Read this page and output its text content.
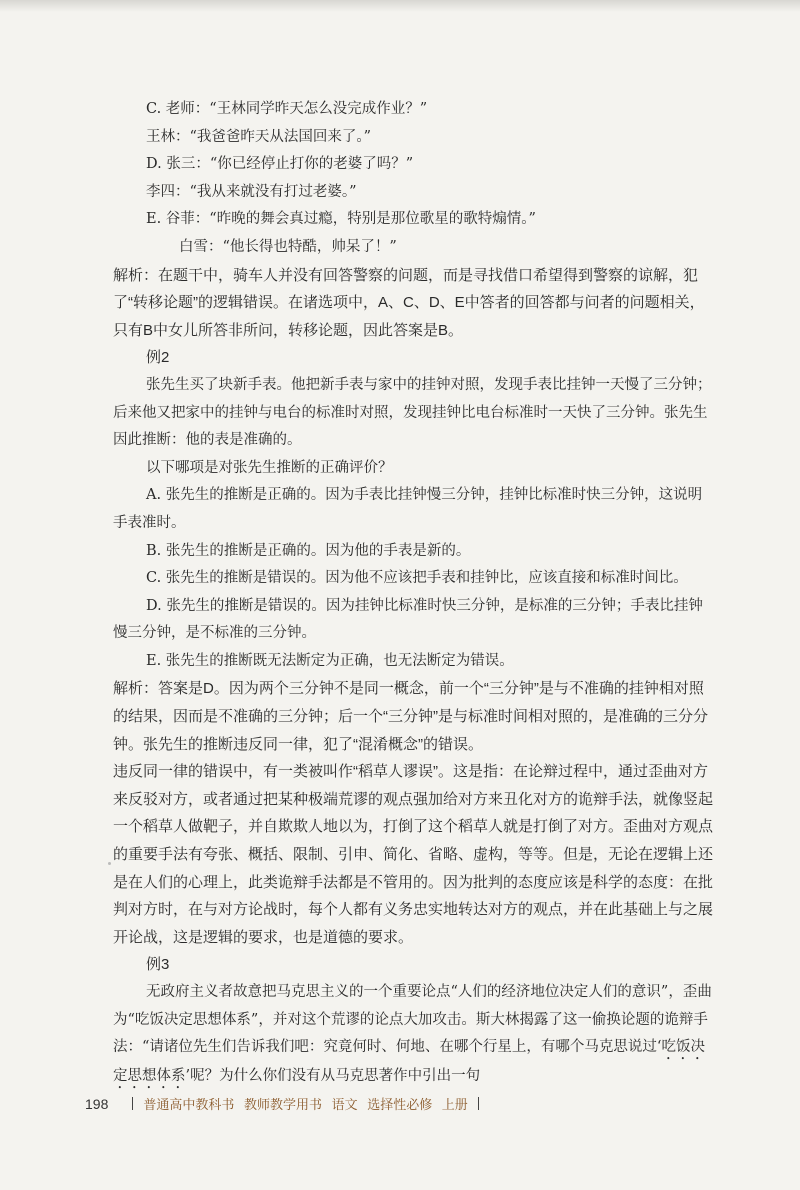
C. 老师：“王林同学昨天怎么没完成作业？”

王林：“我爸爸昨天从法国回来了。”

D. 张三：“你已经停止打你的老婆了吗？”

李四：“我从来就没有打过老婆。”

E. 谷菲：“昨晚的舞会真过瘾，特别是那位歌星的歌特煽情。”

白雪：“他长得也特酷，帅呆了！”

解析：在题干中，骑车人并没有回答警察的问题，而是寻找借口希望得到警察的谅解，犯了“转移论题”的逻辑错误。在诸选项中，A、C、D、E中答者的回答都与问者的问题相关，只有B中女儿所答非所问，转移论题，因此答案是B。

例2

张先生买了块新手表。他把新手表与家中的挂钟对照，发现手表比挂钟一天慢了三分钟；后来他又把家中的挂钟与电台的标准时对照，发现挂钟比电台标准时一天快了三分钟。张先生因此推断：他的表是准确的。

以下哪项是对张先生推断的正确评价？

A. 张先生的推断是正确的。因为手表比挂钟慢三分钟，挂钟比标准时快三分钟，这说明手表准时。

B. 张先生的推断是正确的。因为他的手表是新的。

C. 张先生的推断是错误的。因为他不应该把手表和挂钟比，应该直接和标准时间比。

D. 张先生的推断是错误的。因为挂钟比标准时快三分钟，是标准的三分钟；手表比挂钟慢三分钟，是不标准的三分钟。

E. 张先生的推断既无法断定为正确，也无法断定为错误。

解析：答案是D。因为两个三分钟不是同一概念，前一个“三分钟”是与不准确的挂钟相对照的结果，因而是不准确的三分钟；后一个“三分钟”是与标准时间相对照的，是准确的三分分钟。张先生的推断违反同一律，犯了“混淆概念”的错误。

违反同一律的错误中，有一类被叫作“稻草人谬误”。这是指：在论辩过程中，通过歪曲对方来反驳对方，或者通过把某种极端荒谬的观点强加给对方来丑化对方的诡辩手法，就像竖起一个稻草人做靶子，并自欺欺人地以为，打倒了这个稻草人就是打倒了对方。歪曲对方观点的重要手法有夸张、概括、限制、引申、简化、省略、虚构，等等。但是，无论在逻辑上还是在人们的心理上，此类诡辩手法都是不管用的。因为批判的态度应该是科学的态度：在批判对方时，在与对方论战时，每个人都有义务忠实地转达对方的观点，并在此基础上与之展开论战，这是逻辑的要求，也是道德的要求。

例3

无政府主义者故意把马克思主义的一个重要论点“人们的经济地位决定人们的意识”，歪曲为“吃饭决定思想体系”，并对这个荒谬的论点大加攻击。斯大林揭露了这一偷换论题的诡辩手法：“请诸位先生们告诉我们吧：究竟何时、何地、在哪个行星上，有哪个马克思说过‘吃饭决定思想体系’呢？为什么你们没有从马克思著作中引出一句

198	普通高中教科书 教师教学用书 语文 选择性必修 上册
